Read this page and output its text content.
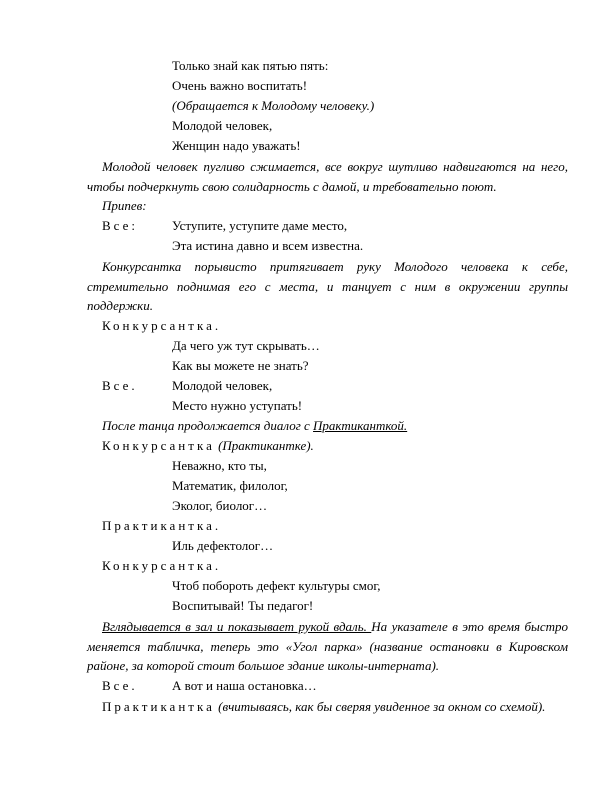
Только знай как пятью пять:
Очень важно воспитать!
(Обращается к Молодому человеку.)
Молодой человек,
Женщин надо уважать!
Молодой человек пугливо сжимается, все вокруг шутливо надвигаются на него, чтобы подчеркнуть свою солидарность с дамой, и требовательно поют.
Припев:
Все:	Уступите, уступите даме место,
Эта истина давно и всем известна.
Конкурсантка порывисто притягивает руку Молодого человека к себе, стремительно поднимая его с места, и танцует с ним в окружении группы поддержки.
Конкурсантка.
Да чего уж тут скрывать…
Как вы можете не знать?
Все.	Молодой человек,
Место нужно уступать!
После танца продолжается диалог с Практиканткой.
Конкурсантка (Практикантке).
Неважно, кто ты,
Математик, филолог,
Эколог, биолог…
Практикантка.
Иль дефектолог…
Конкурсантка.
Чтоб побороть дефект культуры смог,
Воспитывай! Ты педагог!
Вглядывается в зал и показывает рукой вдаль. На указателе в это время быстро меняется табличка, теперь это «Угол парка» (название остановки в Кировском районе, за которой стоит большое здание школы-интерната).
Все.	А вот и наша остановка…
Практикантка (вчитываясь, как бы сверяя увиденное за окном со схемой).
